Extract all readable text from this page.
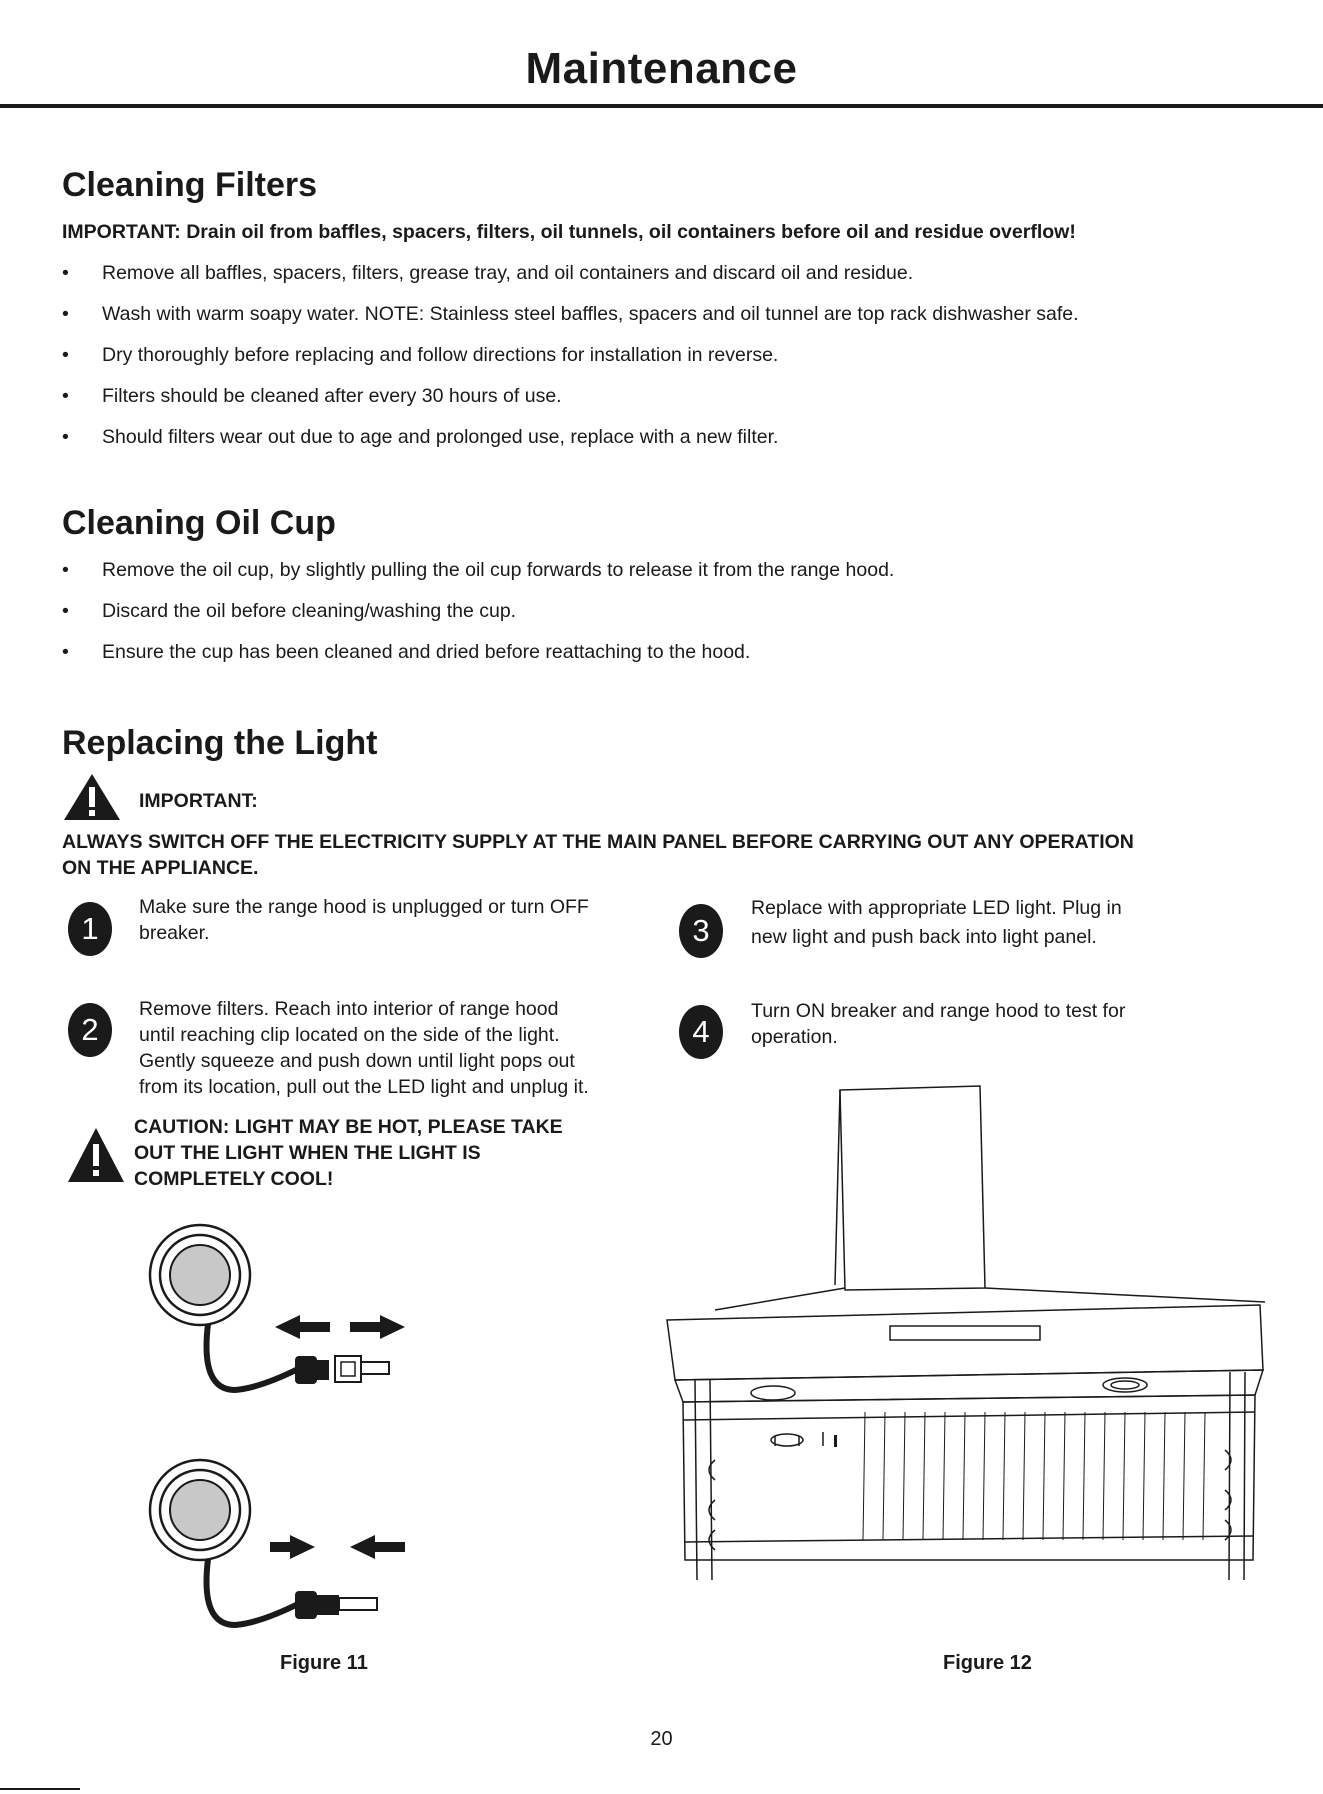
Maintenance
Cleaning Filters
IMPORTANT: Drain oil from baffles, spacers, filters, oil tunnels, oil containers before oil and residue overflow!
• Remove all baffles, spacers, filters, grease tray, and oil containers and discard oil and residue.
• Wash with warm soapy water. NOTE: Stainless steel baffles, spacers and oil tunnel are top rack dishwasher safe.
• Dry thoroughly before replacing and follow directions for installation in reverse.
• Filters should be cleaned after every 30 hours of use.
• Should filters wear out due to age and prolonged use, replace with a new filter.
Cleaning Oil Cup
• Remove the oil cup, by slightly pulling the oil cup forwards to release it from the range hood.
• Discard the oil before cleaning/washing the cup.
• Ensure the cup has been cleaned and dried before reattaching to the hood.
Replacing the Light
IMPORTANT:
ALWAYS SWITCH OFF THE ELECTRICITY SUPPLY AT THE MAIN PANEL BEFORE CARRYING OUT ANY OPERATION
ON THE APPLIANCE.
1
Make sure the range hood is unplugged or turn OFF
breaker.
2
Remove filters. Reach into interior of range hood
until reaching clip located on the side of the light.
Gently squeeze and push down until light pops out
from its location, pull out the LED light and unplug it.
3
Replace with appropriate LED light. Plug in
new light and push back into light panel.
4
Turn ON breaker and range hood to test for
operation.
CAUTION: LIGHT MAY BE HOT, PLEASE TAKE
OUT THE LIGHT WHEN THE LIGHT IS
COMPLETELY COOL!
Figure 11	Figure 12
20
